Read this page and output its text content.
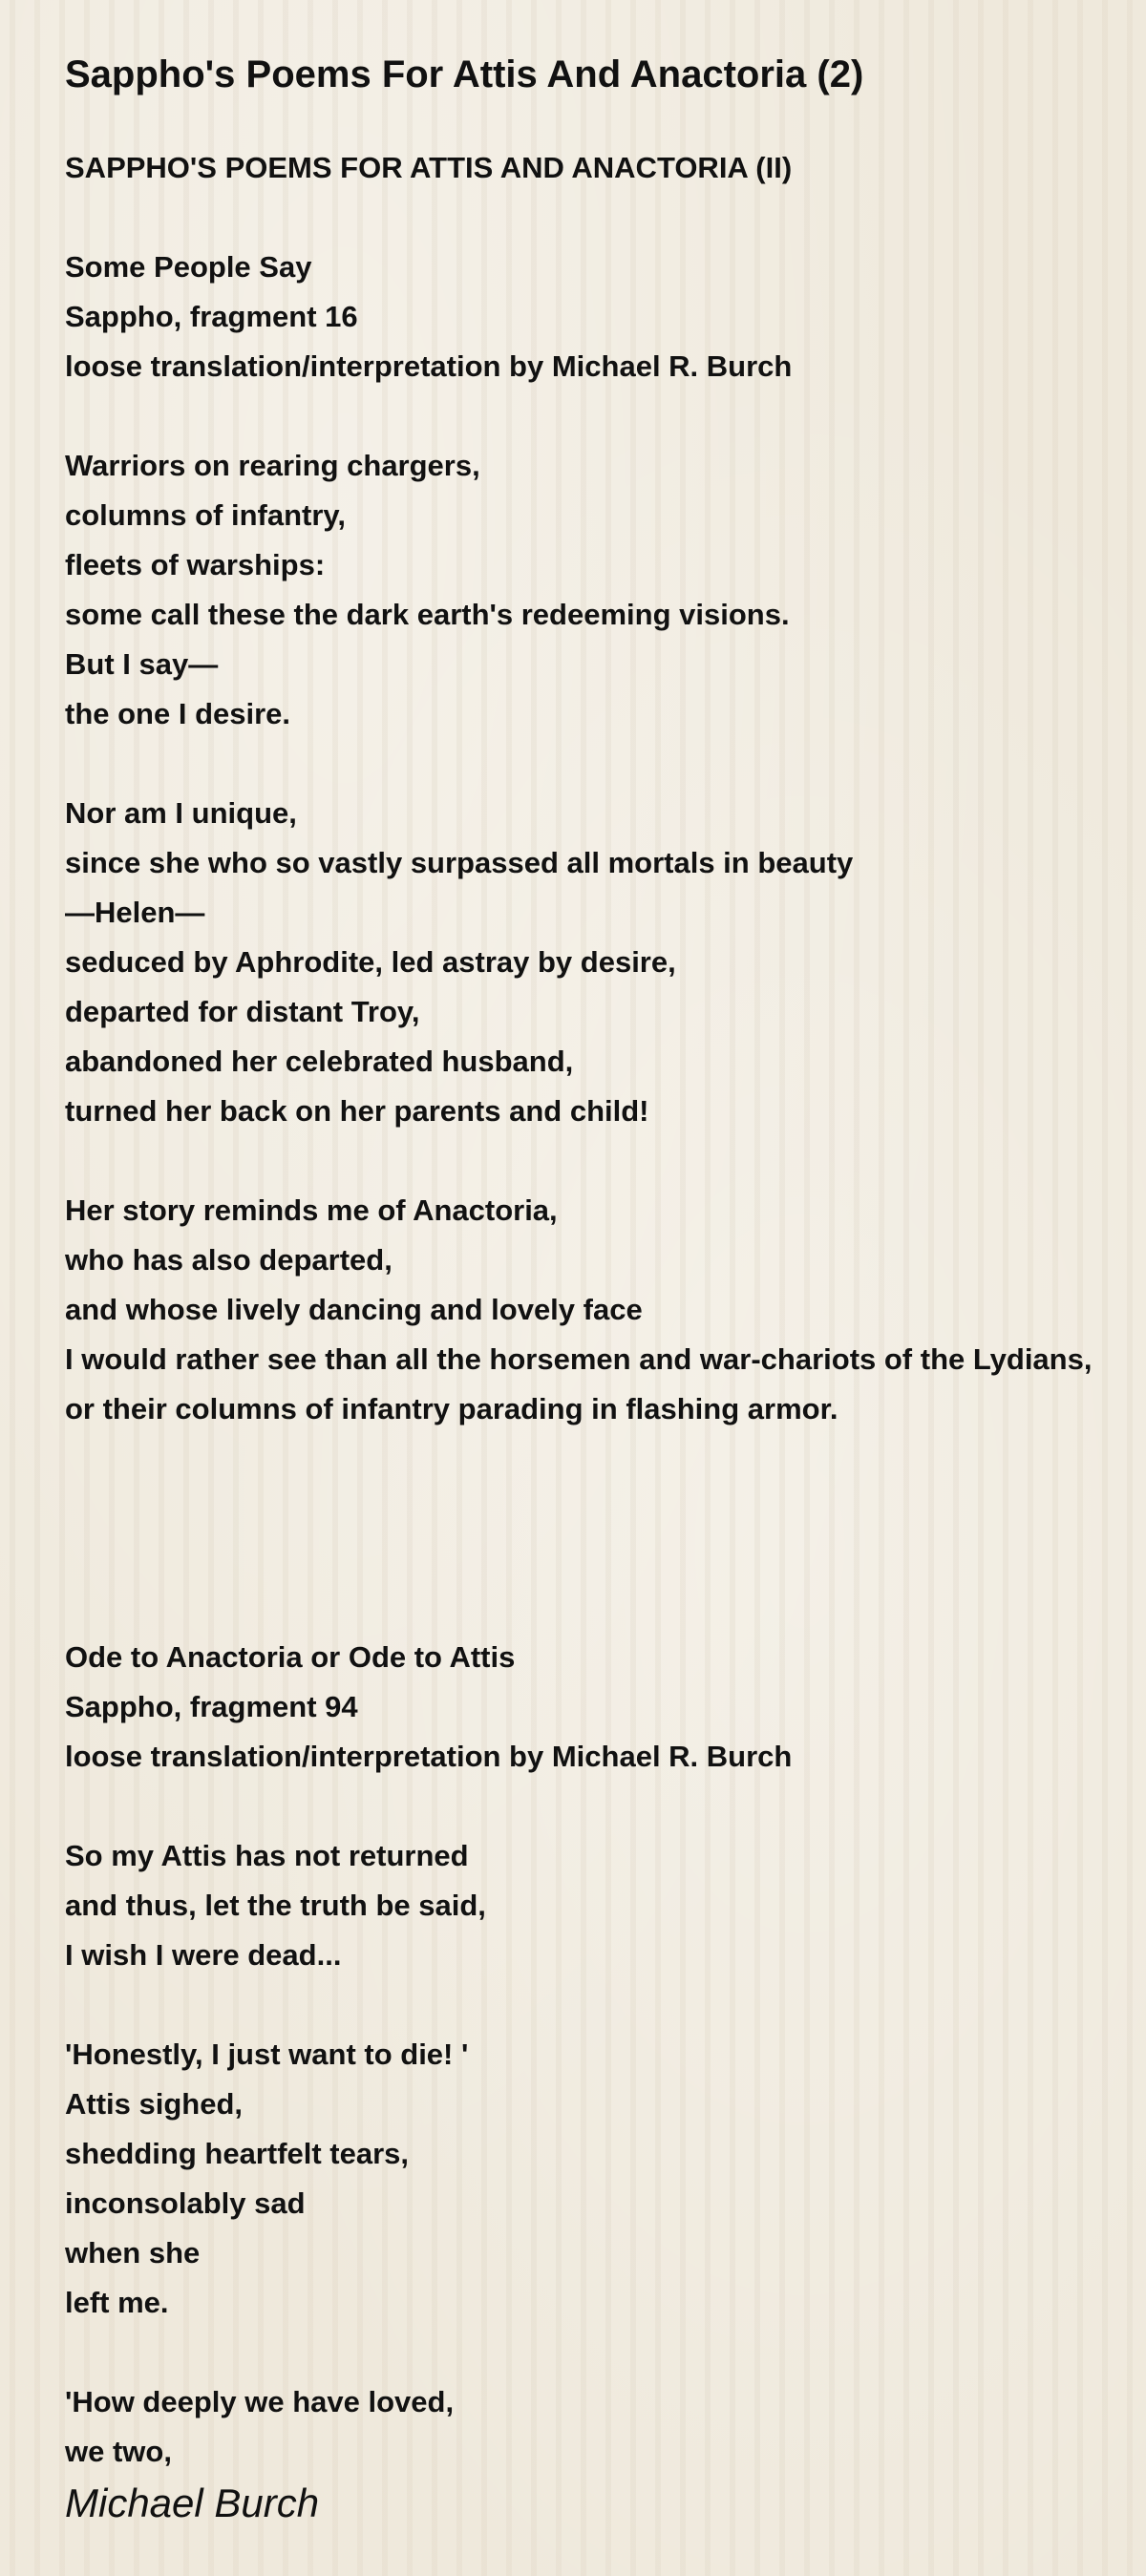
Sappho's Poems For Attis And Anactoria (2)
SAPPHO'S POEMS FOR ATTIS AND ANACTORIA (II)
Some People Say
Sappho, fragment 16
loose translation/interpretation by Michael R. Burch
Warriors on rearing chargers,
columns of infantry,
fleets of warships:
some call these the dark earth's redeeming visions.
But I say—
the one I desire.
Nor am I unique,
since she who so vastly surpassed all mortals in beauty
—Helen—
seduced by Aphrodite, led astray by desire,
departed for distant Troy,
abandoned her celebrated husband,
turned her back on her parents and child!
Her story reminds me of Anactoria,
who has also departed,
and whose lively dancing and lovely face
I would rather see than all the horsemen and war-chariots of the Lydians,
or their columns of infantry parading in flashing armor.
Ode to Anactoria or Ode to Attis
Sappho, fragment 94
loose translation/interpretation by Michael R. Burch
So my Attis has not returned
and thus, let the truth be said,
I wish I were dead...
'Honestly, I just want to die! '
Attis sighed,
shedding heartfelt tears,
inconsolably sad
when she
left me.
'How deeply we have loved,
we two,
Michael Burch
